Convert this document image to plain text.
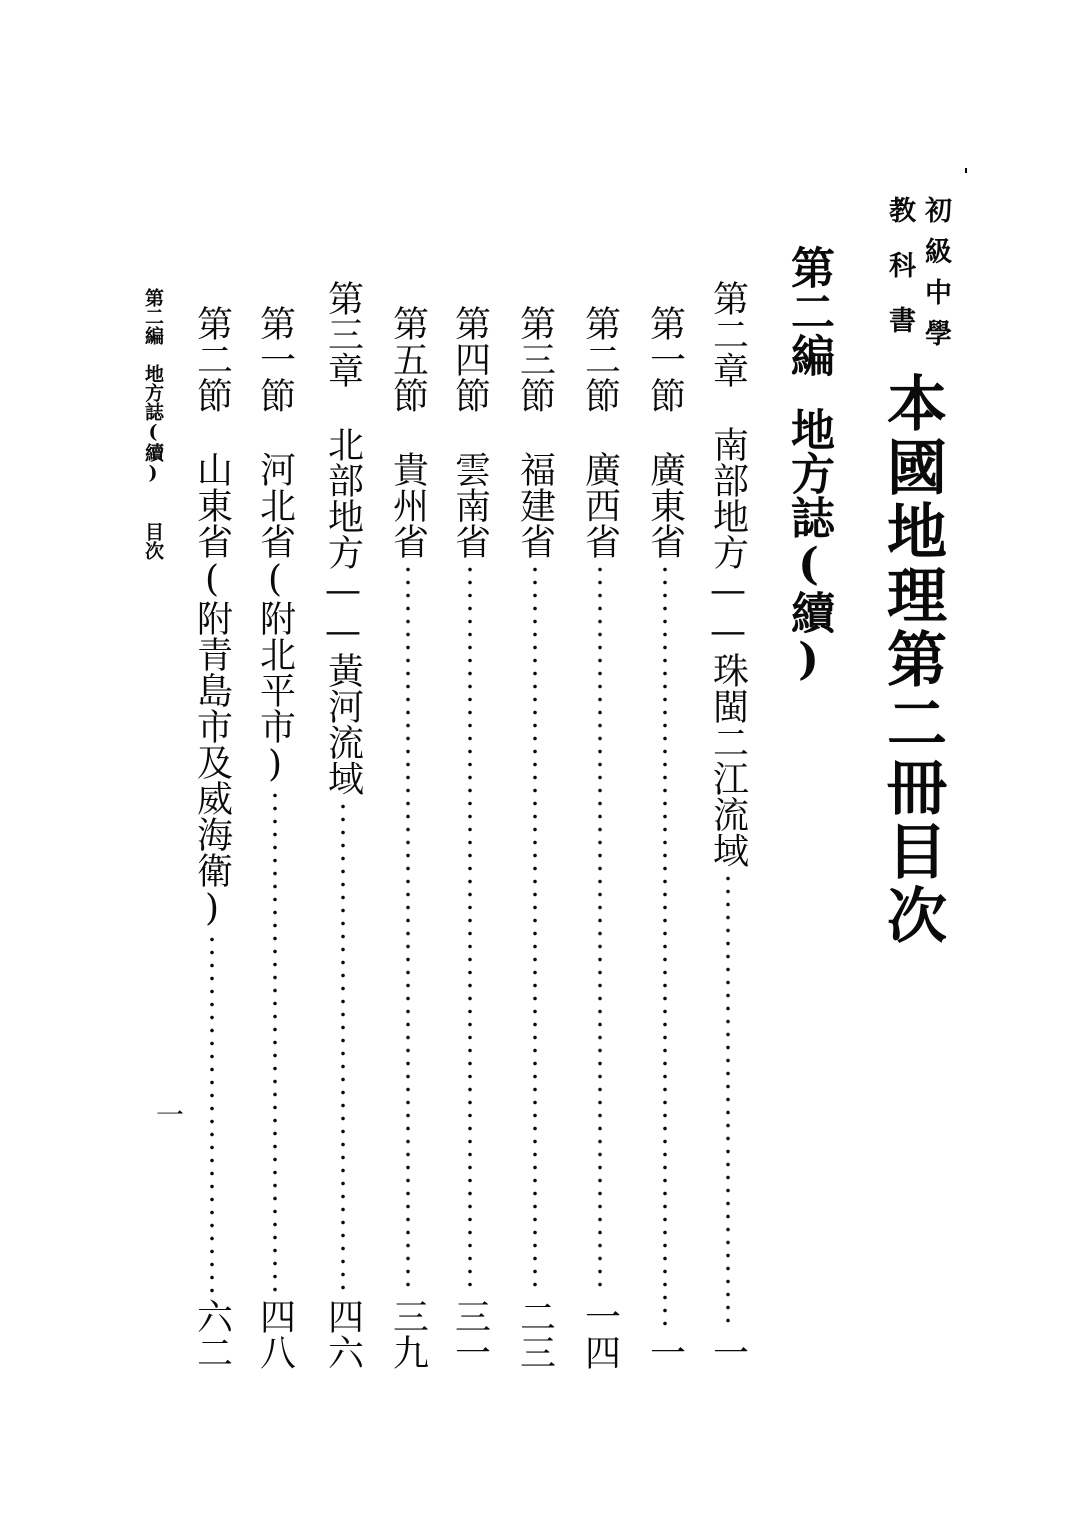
初級中學
教科書
本國地理第二冊目次
第二編地方誌(續)
第二章
南部地方——珠閩二江流域
一
第一節
廣東省
一
第二節
廣西省
一四
第三節
福建省
二三
第四節
雲南省
三一
第五節
貴州省
三九
第三章
北部地方——黃河流域
四六
第一節
河北省(附北平市)
四八
第二節
山東省(附青島市及威海衛)
六二
第二編　地方誌(續)　　目次
一
